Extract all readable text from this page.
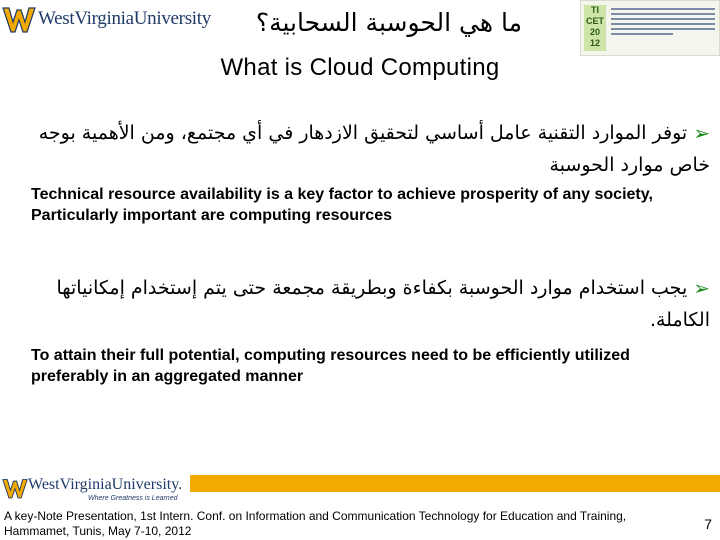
WestVirginiaUniversity ما هي الحوسبة السحابية؟	TI
CET
20
12
What is Cloud Computing
➢توفر الموارد التقنية عامل أساسي لتحقيق الازدهار في أي مجتمع، ومن الأهمية بوجه خاص موارد الحوسبة
Technical resource availability is a key factor to achieve prosperity of any society, Particularly important are computing resources
➢يجب استخدام موارد الحوسبة بكفاءة وبطريقة مجمعة حتى يتم إستخدام إمكانياتها الكاملة.
To attain their full potential, computing resources need to be efficiently utilized preferably in an aggregated manner
WestVirginiaUniversity.
Where Greatness is Learned
A key-Note Presentation, 1st Intern. Conf. on Information and Communication Technology for Education and Training, Hammamet, Tunis, May 7-10, 2012	7
